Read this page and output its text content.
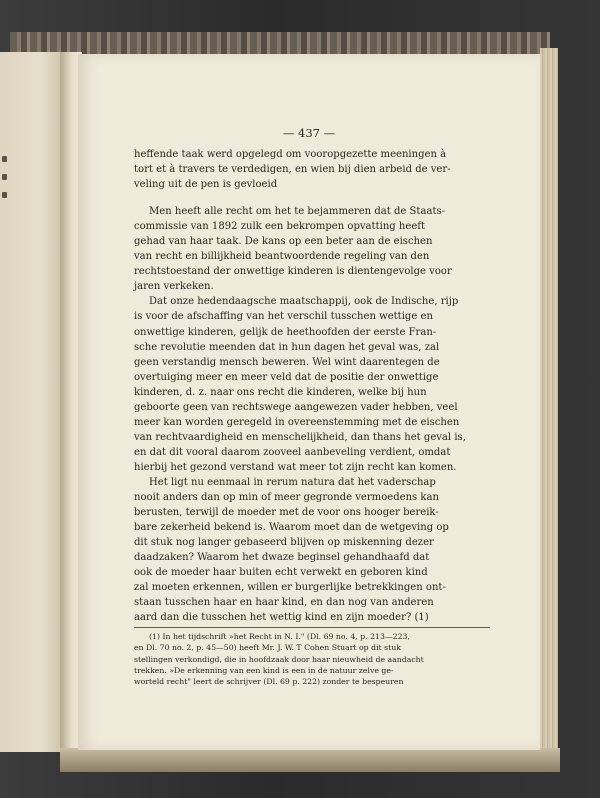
— 437 —

heffende taak werd opgelegd om vooropgezette meeningen à

tort et à travers te verdedigen, en wien bij dien arbeid de ver-

veling uit de pen is gevloeid

Men heeft alle recht om het te bejammeren dat de Staats-

commissie van 1892 zulk een bekrompen opvatting heeft

gehad van haar taak. De kans op een beter aan de eischen

van recht en billijkheid beantwoordende regeling van den

rechtstoestand der onwettige kinderen is dientengevolge voor

jaren verkeken.

Dat onze hedendaagsche maatschappij, ook de Indische, rijp

is voor de afschaffing van het verschil tusschen wettige en

onwettige kinderen, gelijk de heethoofden der eerste Fran-

sche revolutie meenden dat in hun dagen het geval was, zal

geen verstandig mensch beweren. Wel wint daarentegen de

overtuiging meer en meer veld dat de positie der onwettige

kinderen, d. z. naar ons recht die kinderen, welke bij hun

geboorte geen van rechtswege aangewezen vader hebben, veel

meer kan worden geregeld in overeenstemming met de eischen

van rechtvaardigheid en menschelijkheid, dan thans het geval is,

en dat dit vooral daarom zooveel aanbeveling verdient, omdat

hierbij het gezond verstand wat meer tot zijn recht kan komen.

Het ligt nu eenmaal in rerum natura dat het vaderschap

nooit anders dan op min of meer gegronde vermoedens kan

berusten, terwijl de moeder met de voor ons hooger bereik-

bare zekerheid bekend is. Waarom moet dan de wetgeving op

dit stuk nog langer gebaseerd blijven op miskenning dezer

daadzaken? Waarom het dwaze beginsel gehandhaafd dat

ook de moeder haar buiten echt verwekt en geboren kind

zal moeten erkennen, willen er burgerlijke betrekkingen ont-

staan tusschen haar en haar kind, en dan nog van anderen

aard dan die tusschen het wettig kind en zijn moeder? (1)

(1) In het tijdschrift »het Recht in N. I." (Dl. 69 no. 4, p. 213—223,

en Dl. 70 no. 2, p. 45—50) heeft Mr. J. W. T Cohen Stuart op dit stuk

stellingen verkondigd, die in hoofdzaak door haar nieuwheid de aandacht

trekken. »De erkenning van een kind is een in de natuur zelve ge-

worteld recht" leert de schrijver (Dl. 69 p. 222) zonder te bespeuren
